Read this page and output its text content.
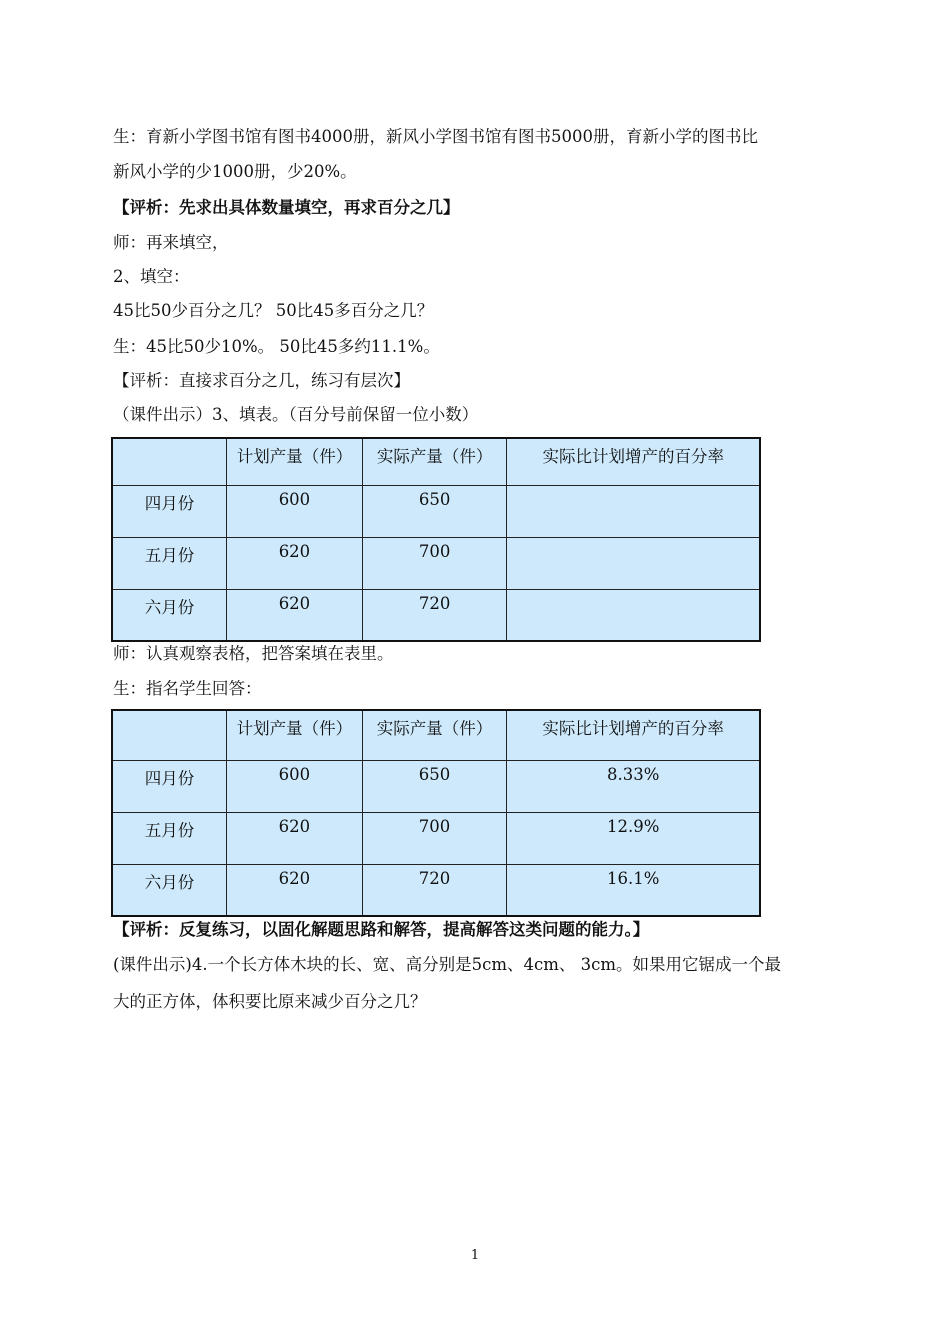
生：育新小学图书馆有图书4000册，新风小学图书馆有图书5000册，育新小学的图书比
新风小学的少1000册，少20%。
【评析：先求出具体数量填空，再求百分之几】
师：再来填空，
2、填空：
45比50少百分之几？ 50比45多百分之几？
生：45比50少10%。 50比45多约11.1%。
【评析：直接求百分之几，练习有层次】
（课件出示）3、填表。（百分号前保留一位小数）
	计划产量（件）	实际产量（件）	实际比计划增产的百分率
四月份	600	650	
五月份	620	700	
六月份	620	720	
师：认真观察表格，把答案填在表里。
生：指名学生回答：
	计划产量（件）	实际产量（件）	实际比计划增产的百分率
四月份	600	650	8.33%
五月份	620	700	12.9%
六月份	620	720	16.1%
【评析：反复练习，以固化解题思路和解答，提高解答这类问题的能力。】
(课件出示)4.一个长方体木块的长、宽、高分别是5cm、4cm、 3cm。如果用它锯成一个最
大的正方体，体积要比原来减少百分之几？
1
